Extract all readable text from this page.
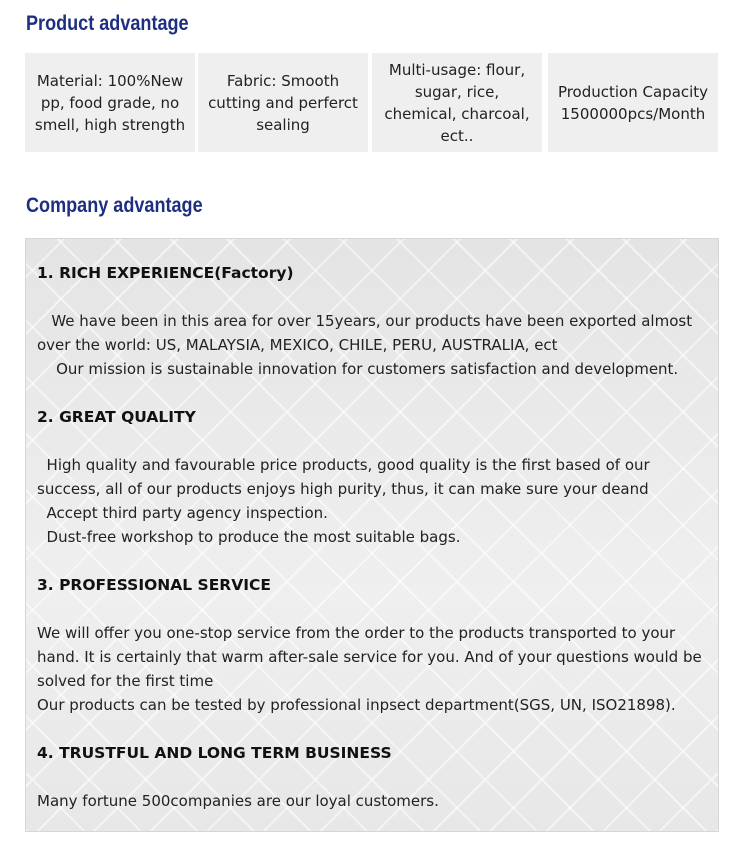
Product advantage
Material: 100%New pp, food grade, no smell, high strength
Fabric: Smooth cutting and perferct sealing
Multi-usage: flour, sugar, rice, chemical, charcoal, ect..
Production Capacity 1500000pcs/Month
Company advantage

1. RICH EXPERIENCE(Factory)

We have been in this area for over 15years, our products have been exported almost over the world: US, MALAYSIA, MEXICO, CHILE, PERU, AUSTRALIA, ect

Our mission is sustainable innovation for customers satisfaction and development.

2. GREAT QUALITY

High quality and favourable price products, good quality is the first based of our success, all of our products enjoys high purity, thus, it can make sure your deand

Accept third party agency inspection.

Dust-free workshop to produce the most suitable bags.

3. PROFESSIONAL SERVICE

We will offer you one-stop service from the order to the products transported to your hand. It is certainly that warm after-sale service for you. And of your questions would be solved for the first time

Our products can be tested by professional inpsect department(SGS, UN, ISO21898).

4. TRUSTFUL AND LONG TERM BUSINESS

Many fortune 500companies are our loyal customers.
